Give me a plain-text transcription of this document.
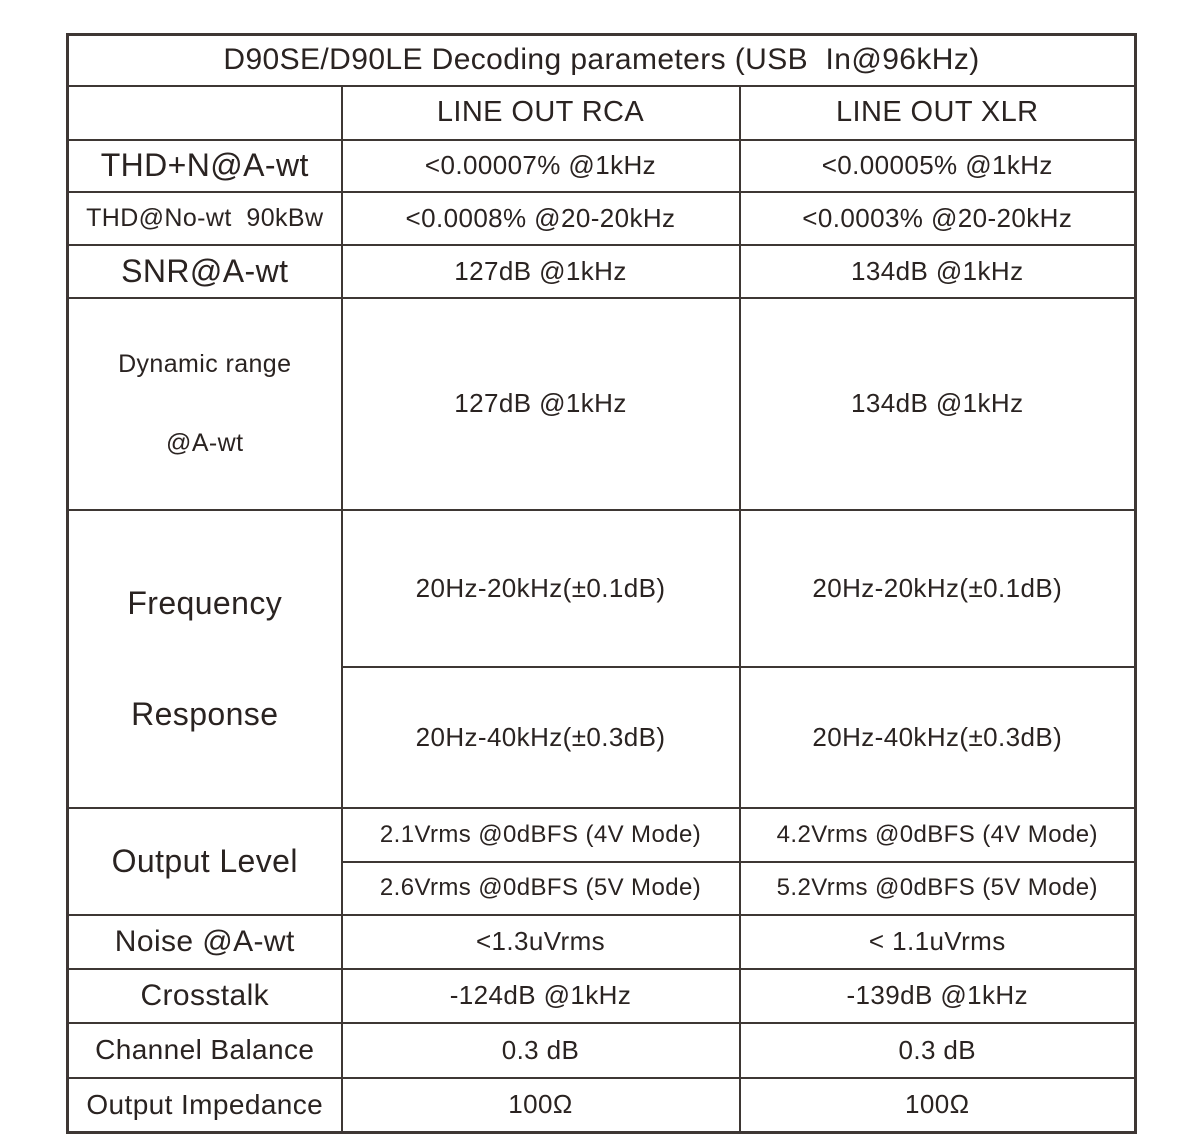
D90SE/D90LE Decoding parameters (USB  In@96kHz)		
	LINE OUT RCA	LINE OUT XLR
THD+N@A-wt	<0.00007% @1kHz	<0.00005% @1kHz
THD@No-wt  90kBw	<0.0008% @20-20kHz	<0.0003% @20-20kHz
SNR@A-wt	127dB @1kHz	134dB @1kHz

Dynamic range

@A-wt	127dB @1kHz	134dB @1kHz

Frequency

Response	20Hz-20kHz(±0.1dB)	20Hz-20kHz(±0.1dB)
	20Hz-40kHz(±0.3dB)	20Hz-40kHz(±0.3dB)
Output Level	2.1Vrms @0dBFS (4V Mode)	4.2Vrms @0dBFS (4V Mode)
	2.6Vrms @0dBFS (5V Mode)	5.2Vrms @0dBFS (5V Mode)
Noise @A-wt	<1.3uVrms	< 1.1uVrms
Crosstalk	-124dB @1kHz	-139dB @1kHz
Channel Balance	0.3 dB	0.3 dB
Output Impedance	100Ω	100Ω
